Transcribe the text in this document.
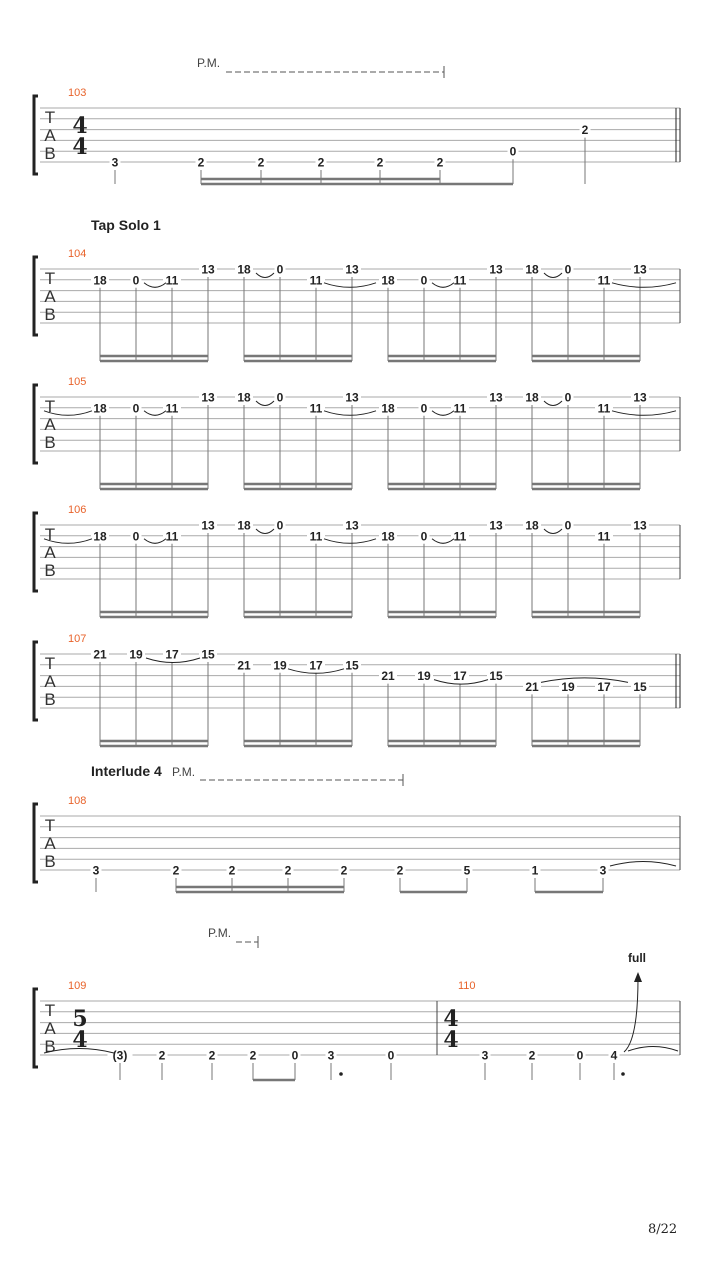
T
A
B
103
4
4
3	2	2	2	2	2
0
2
T
A
B
104
18 0 11
13 18 0
11
13
18 0 11
13 18 0
11
13
T
A
B
105
18 0 11
13 18 0
11
13
18 0 11
13 18 0
11
13
T
A
B
106
18 0 11
13 18 0
11
13
18 0 11
13 18 0
11
13
T
A
B
107
21 19 17 15
21 19 17 15
21 19 17 15
21 19 17 15
T
A
B
108
3	2	2	2	2	2	5	1	3
T
A
B
109
5
4
(3)	2	2	2	0 3	0
110
4
4
3	2	0 4
Tap Solo 1
Interlude 4
P.M.
P.M.
P.M.
full
8/22
